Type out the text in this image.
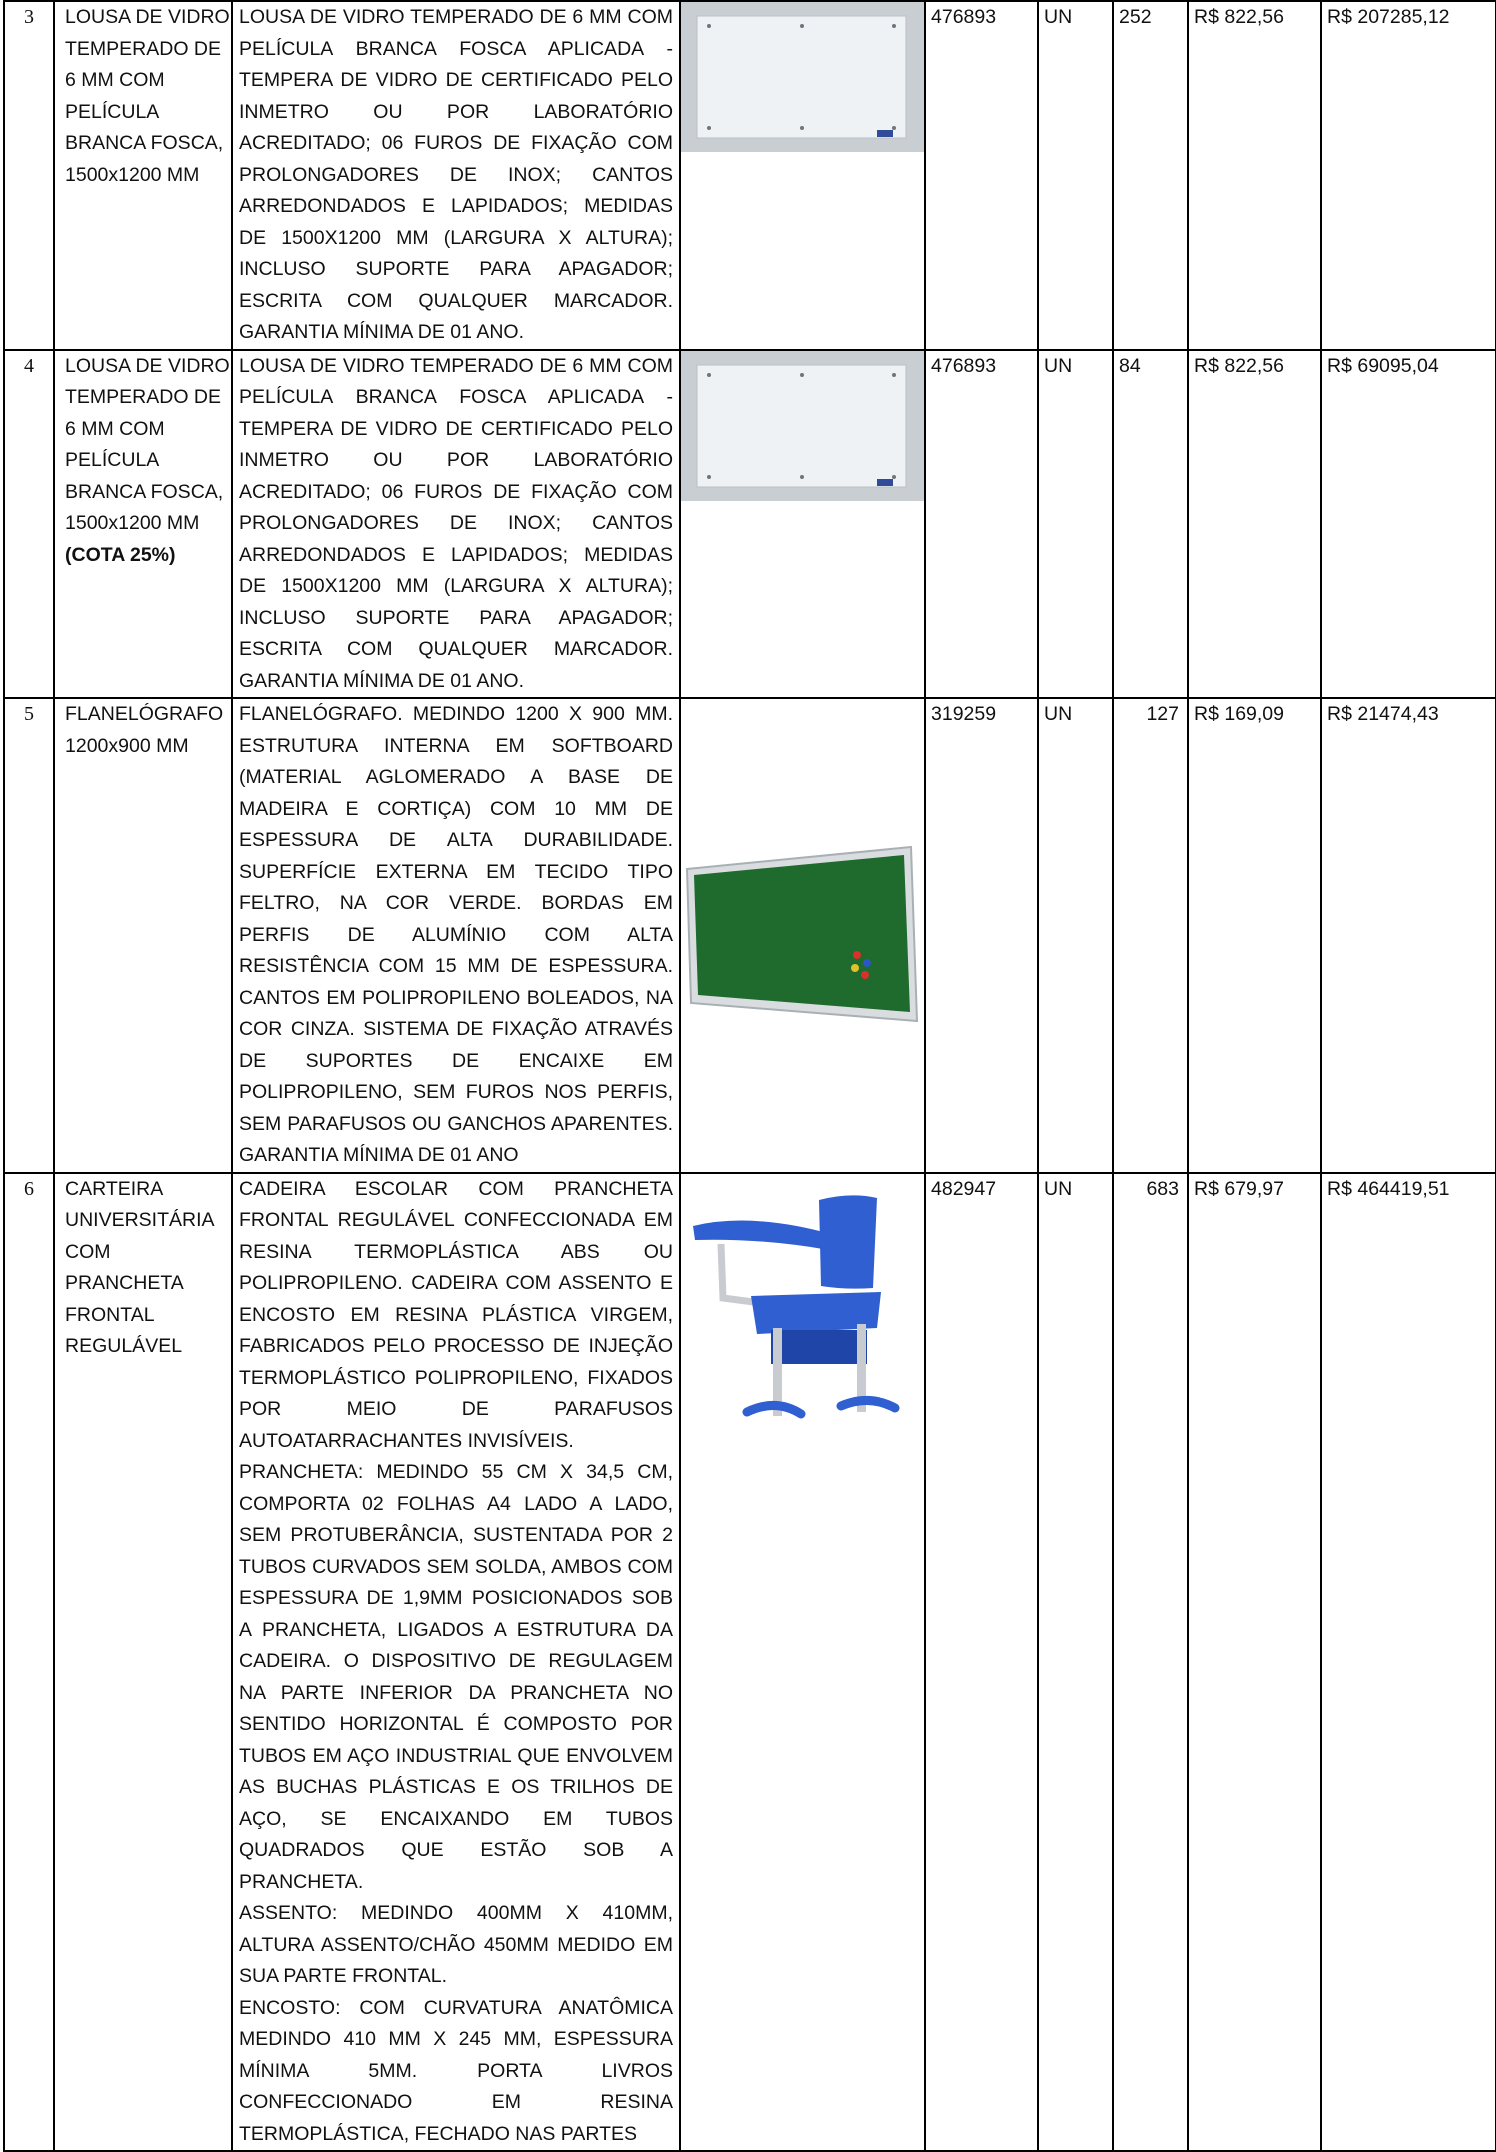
3	LOUSA DE VIDRO TEMPERADO DE 6 MM COM PELÍCULA BRANCA FOSCA, 1500x1200 MM	LOUSA DE VIDRO TEMPERADO DE 6 MM COM PELÍCULA BRANCA FOSCA APLICADA - TEMPERA DE VIDRO DE CERTIFICADO PELO INMETRO OU POR LABORATÓRIO ACREDITADO; 06 FUROS DE FIXAÇÃO COM PROLONGADORES DE INOX; CANTOS ARREDONDADOS E LAPIDADOS; MEDIDAS DE 1500X1200 MM (LARGURA X ALTURA); INCLUSO SUPORTE PARA APAGADOR; ESCRITA COM QUALQUER MARCADOR. GARANTIA MÍNIMA DE 01 ANO.		476893	UN	252	R$ 822,56	R$ 207285,12
4	LOUSA DE VIDRO TEMPERADO DE 6 MM COM PELÍCULA BRANCA FOSCA, 1500x1200 MM (COTA 25%)	LOUSA DE VIDRO TEMPERADO DE 6 MM COM PELÍCULA BRANCA FOSCA APLICADA - TEMPERA DE VIDRO DE CERTIFICADO PELO INMETRO OU POR LABORATÓRIO ACREDITADO; 06 FUROS DE FIXAÇÃO COM PROLONGADORES DE INOX; CANTOS ARREDONDADOS E LAPIDADOS; MEDIDAS DE 1500X1200 MM (LARGURA X ALTURA); INCLUSO SUPORTE PARA APAGADOR; ESCRITA COM QUALQUER MARCADOR. GARANTIA MÍNIMA DE 01 ANO.		476893	UN	84	R$ 822,56	R$ 69095,04
5	FLANELÓGRAFO 1200x900 MM	FLANELÓGRAFO. MEDINDO 1200 X 900 MM. ESTRUTURA INTERNA EM SOFTBOARD (MATERIAL AGLOMERADO A BASE DE MADEIRA E CORTIÇA) COM 10 MM DE ESPESSURA DE ALTA DURABILIDADE. SUPERFÍCIE EXTERNA EM TECIDO TIPO FELTRO, NA COR VERDE. BORDAS EM PERFIS DE ALUMÍNIO COM ALTA RESISTÊNCIA COM 15 MM DE ESPESSURA. CANTOS EM POLIPROPILENO BOLEADOS, NA COR CINZA. SISTEMA DE FIXAÇÃO ATRAVÉS DE SUPORTES DE ENCAIXE EM POLIPROPILENO, SEM FUROS NOS PERFIS, SEM PARAFUSOS OU GANCHOS APARENTES. GARANTIA MÍNIMA DE 01 ANO		319259	UN	127	R$ 169,09	R$ 21474,43
6	CARTEIRA UNIVERSITÁRIA COM PRANCHETA FRONTAL REGULÁVEL	CADEIRA ESCOLAR COM PRANCHETA FRONTAL REGULÁVEL CONFECCIONADA EM RESINA TERMOPLÁSTICA ABS OU POLIPROPILENO. CADEIRA COM ASSENTO E ENCOSTO EM RESINA PLÁSTICA VIRGEM, FABRICADOS PELO PROCESSO DE INJEÇÃO TERMOPLÁSTICO POLIPROPILENO, FIXADOS POR MEIO DE PARAFUSOS AUTOATARRACHANTES INVISÍVEIS.

PRANCHETA: MEDINDO 55 CM X 34,5 CM, COMPORTA 02 FOLHAS A4 LADO A LADO, SEM PROTUBERÂNCIA, SUSTENTADA POR 2 TUBOS CURVADOS SEM SOLDA, AMBOS COM ESPESSURA DE 1,9MM POSICIONADOS SOB A PRANCHETA, LIGADOS A ESTRUTURA DA CADEIRA. O DISPOSITIVO DE REGULAGEM NA PARTE INFERIOR DA PRANCHETA NO SENTIDO HORIZONTAL É COMPOSTO POR TUBOS EM AÇO INDUSTRIAL QUE ENVOLVEM AS BUCHAS PLÁSTICAS E OS TRILHOS DE AÇO, SE ENCAIXANDO EM TUBOS QUADRADOS QUE ESTÃO SOB A PRANCHETA.

ASSENTO: MEDINDO 400MM X 410MM, ALTURA ASSENTO/CHÃO 450MM MEDIDO EM SUA PARTE FRONTAL.

ENCOSTO: COM CURVATURA ANATÔMICA MEDINDO 410 MM X 245 MM, ESPESSURA MÍNIMA 5MM. PORTA LIVROS CONFECCIONADO EM RESINA TERMOPLÁSTICA, FECHADO NAS PARTES		482947	UN	683	R$ 679,97	R$ 464419,51
